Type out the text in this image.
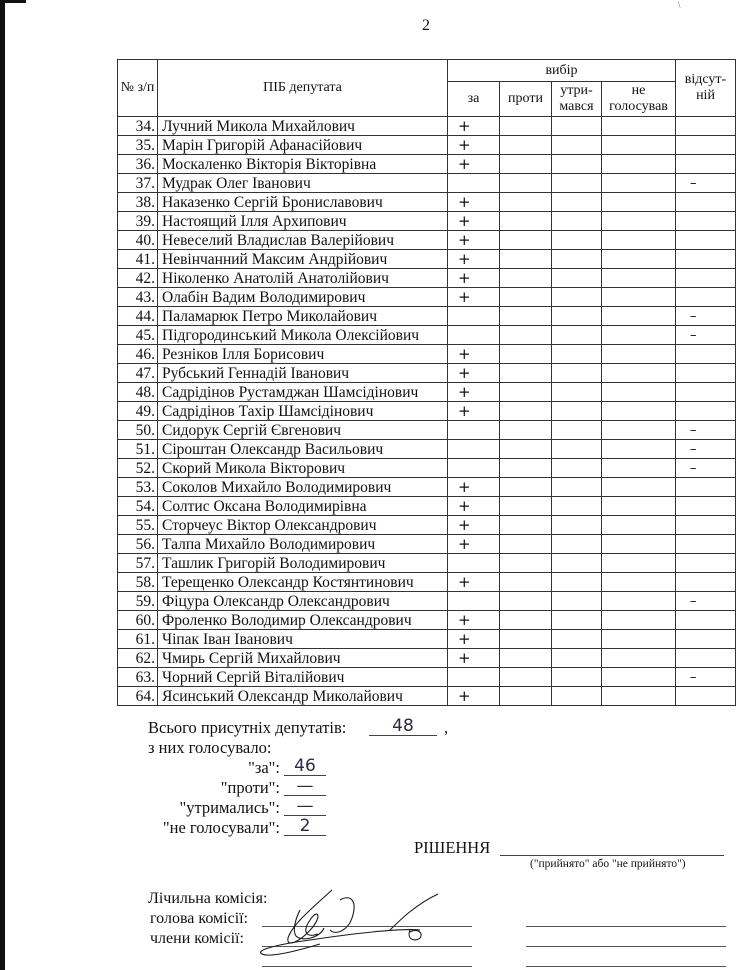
2
\
№ з/п	ПІБ депутата	вибір				відсут-ній
		за	проти	утри-мався	не голосував	
34.	Лучний Микола Михайлович	+				
35.	Марін Григорій Афанасійович	+				
36.	Москаленко Вікторія Вікторівна	+				
37.	Мудрак Олег Іванович					–
38.	Наказенко Сергій Брониславович	+				
39.	Настоящий Ілля Архипович	+				
40.	Невеселий Владислав Валерійович	+				
41.	Невінчанний Максим Андрійович	+				
42.	Ніколенко Анатолій Анатолійович	+				
43.	Олабін Вадим Володимирович	+				
44.	Паламарюк Петро Миколайович					–
45.	Підгородинський Микола Олексійович					–
46.	Резніков Ілля Борисович	+				
47.	Рубський Геннадій Іванович	+				
48.	Садрідінов Рустамджан Шамсідінович	+				
49.	Садрідінов Тахір Шамсідінович	+				
50.	Сидорук Сергій Євгенович					–
51.	Сіроштан Олександр Васильович					–
52.	Скорий Микола Вікторович					–
53.	Соколов Михайло Володимирович	+				
54.	Солтис Оксана Володимирівна	+				
55.	Сторчеус Віктор Олександрович	+				
56.	Талпа Михайло Володимирович	+				
57.	Ташлик Григорій Володимирович					
58.	Терещенко Олександр Костянтинович	+				
59.	Фіцура Олександр Олександрович					–
60.	Фроленко Володимир Олександрович	+				
61.	Чіпак Іван Іванович	+				
62.	Чмирь Сергій Михайлович	+				
63.	Чорний Сергій Віталійович					–
64.	Ясинський Олександр Миколайович	+				
Всього присутніх депутатів:	48	,
з них голосувало:
"за": 46
"проти": —
"утримались": —
"не голосували":	2
РІШЕННЯ
("прийнято" або "не прийнято")
Лічильна комісія:
голова комісії:
члени комісії:
